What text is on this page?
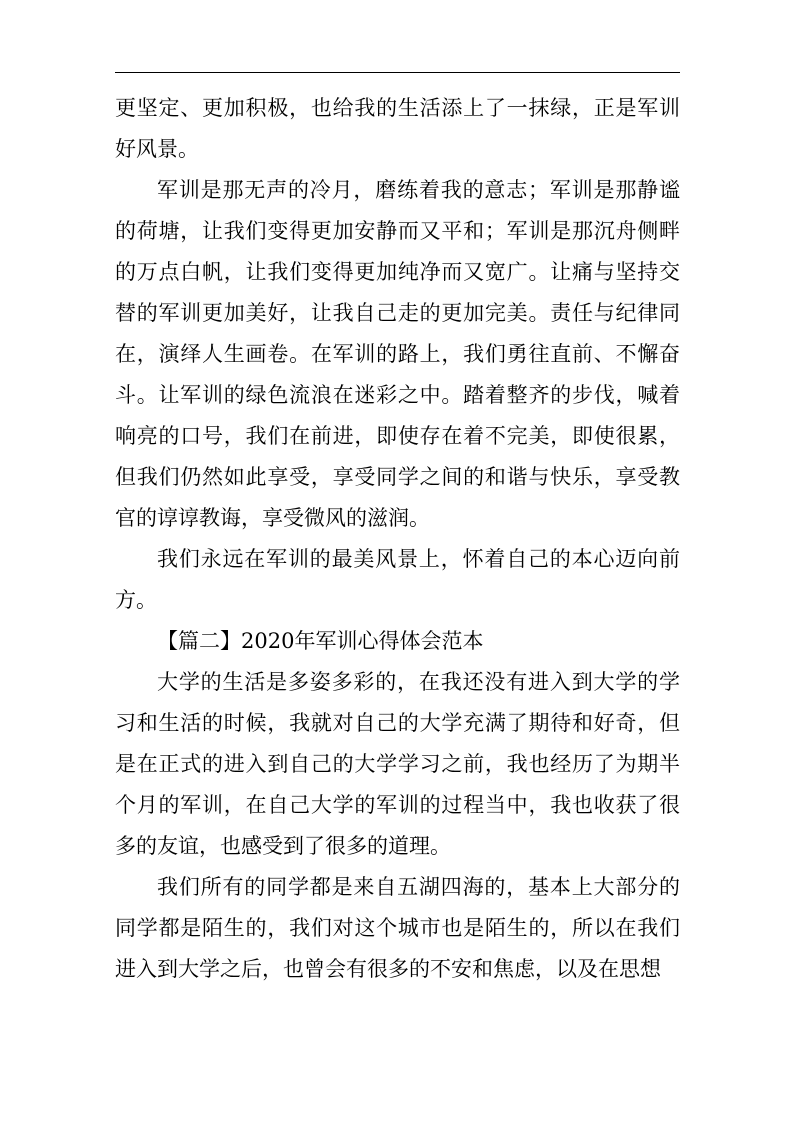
更坚定、更加积极，也给我的生活添上了一抹绿，正是军训好风景。

军训是那无声的冷月，磨练着我的意志；军训是那静谧的荷塘，让我们变得更加安静而又平和；军训是那沉舟侧畔的万点白帆，让我们变得更加纯净而又宽广。让痛与坚持交替的军训更加美好，让我自己走的更加完美。责任与纪律同在，演绎人生画卷。在军训的路上，我们勇往直前、不懈奋斗。让军训的绿色流浪在迷彩之中。踏着整齐的步伐，喊着响亮的口号，我们在前进，即使存在着不完美，即使很累，但我们仍然如此享受，享受同学之间的和谐与快乐，享受教官的谆谆教诲，享受微风的滋润。

我们永远在军训的最美风景上，怀着自己的本心迈向前方。

【篇二】2020年军训心得体会范本

大学的生活是多姿多彩的，在我还没有进入到大学的学习和生活的时候，我就对自己的大学充满了期待和好奇，但是在正式的进入到自己的大学学习之前，我也经历了为期半个月的军训，在自己大学的军训的过程当中，我也收获了很多的友谊，也感受到了很多的道理。

我们所有的同学都是来自五湖四海的，基本上大部分的同学都是陌生的，我们对这个城市也是陌生的，所以在我们进入到大学之后，也曾会有很多的不安和焦虑，以及在思想
